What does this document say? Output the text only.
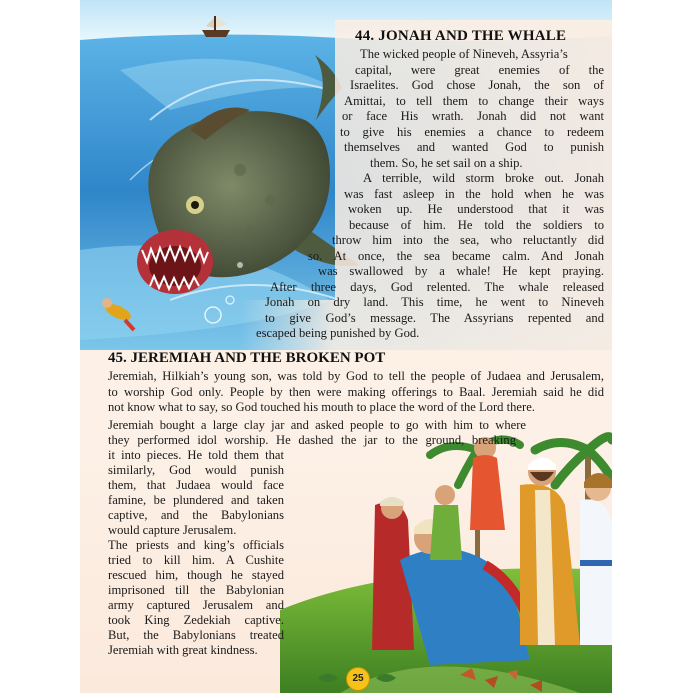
44. JONAH AND THE WHALE
The wicked people of Nineveh, Assyria’s
capital, were great enemies of the
Israelites. God chose Jonah, the son of
Amittai, to tell them to change their ways
or face His wrath. Jonah did not want
to give his enemies a chance to redeem
themselves and wanted God to punish
them. So, he set sail on a ship.
A terrible, wild storm broke out. Jonah
was fast asleep in the hold when he was
woken up. He understood that it was
because of him. He told the soldiers to
throw him into the sea, who reluctantly did
so. At once, the sea became calm. And Jonah
was swallowed by a whale! He kept praying.
After three days, God relented. The whale released
Jonah on dry land. This time, he went to Nineveh
to give God’s message. The Assyrians repented and
escaped being punished by God.
45. JEREMIAH AND THE BROKEN POT
Jeremiah, Hilkiah’s young son, was told by God to tell the people of Judaea and Jerusalem,
to worship God only. People by then were making offerings to Baal. Jeremiah said he did
not know what to say, so God touched his mouth to place the word of the Lord there.
Jeremiah bought a large clay jar and asked people to go with him to where
they performed idol worship. He dashed the jar to the ground, breaking
it into pieces. He told them that
similarly, God would punish
them, that Judaea would face
famine, be plundered and taken
captive, and the Babylonians
would capture Jerusalem.
The priests and king’s officials
tried to kill him. A Cushite
rescued him, though he stayed
imprisoned till the Babylonian
army captured Jerusalem and
took King Zedekiah captive.
But, the Babylonians treated
Jeremiah with great kindness.
25
